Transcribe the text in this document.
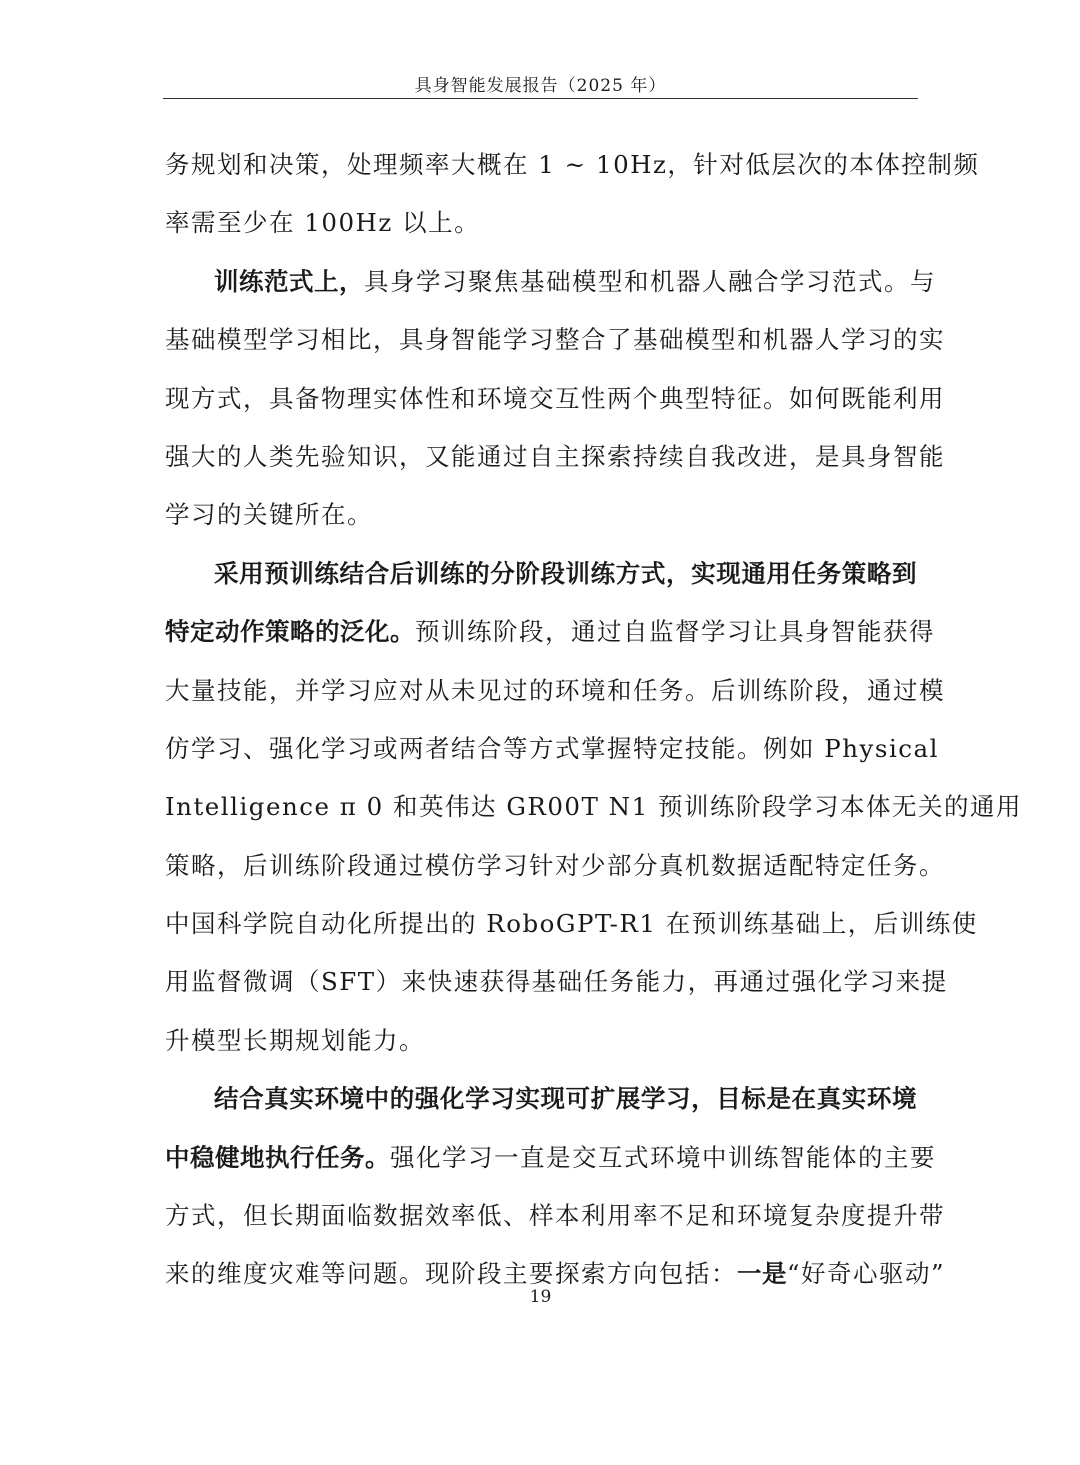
具身智能发展报告（2025 年）
务规划和决策，处理频率大概在 1 ~ 10Hz，针对低层次的本体控制频
率需至少在 100Hz 以上。
训练范式上，具身学习聚焦基础模型和机器人融合学习范式。与
基础模型学习相比，具身智能学习整合了基础模型和机器人学习的实
现方式，具备物理实体性和环境交互性两个典型特征。如何既能利用
强大的人类先验知识，又能通过自主探索持续自我改进，是具身智能
学习的关键所在。
采用预训练结合后训练的分阶段训练方式，实现通用任务策略到
特定动作策略的泛化。预训练阶段，通过自监督学习让具身智能获得
大量技能，并学习应对从未见过的环境和任务。后训练阶段，通过模
仿学习、强化学习或两者结合等方式掌握特定技能。例如 Physical
Intelligence π 0 和英伟达 GR00T N1 预训练阶段学习本体无关的通用
策略，后训练阶段通过模仿学习针对少部分真机数据适配特定任务。
中国科学院自动化所提出的 RoboGPT-R1 在预训练基础上，后训练使
用监督微调（SFT）来快速获得基础任务能力，再通过强化学习来提
升模型长期规划能力。
结合真实环境中的强化学习实现可扩展学习，目标是在真实环境
中稳健地执行任务。强化学习一直是交互式环境中训练智能体的主要
方式，但长期面临数据效率低、样本利用率不足和环境复杂度提升带
来的维度灾难等问题。现阶段主要探索方向包括：一是“好奇心驱动”
19
